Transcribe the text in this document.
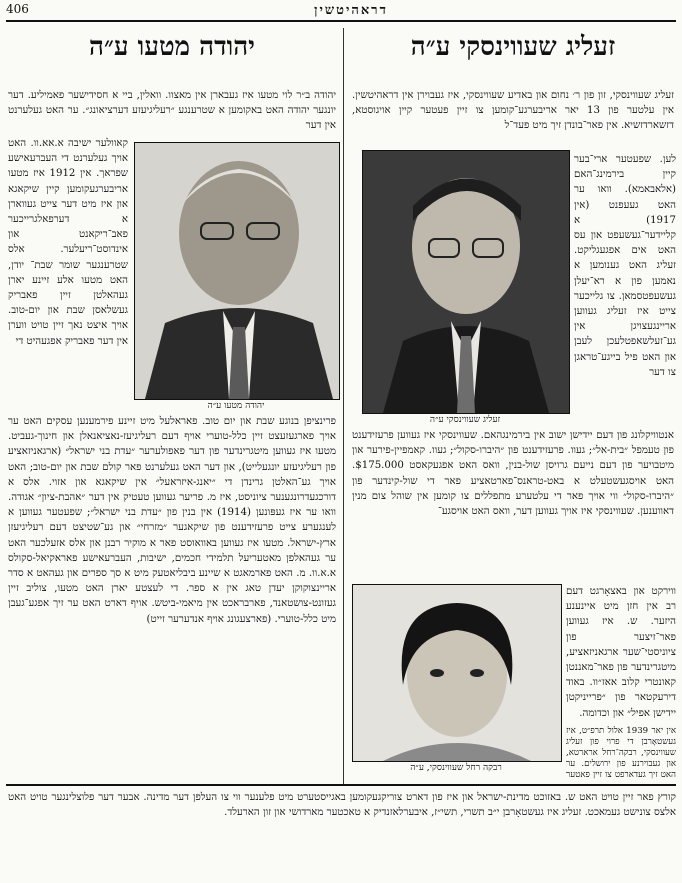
406	דראהיטשין
זעליג שעווינסקי ע״ה
זעליג שעווינסקי, זון פון ר׳ נחום און באדיע שעווינסקי, איז געבוירן אין דראהיטשין. אין עלטער פון 13 יאר אריבערגע־קומען צו זיין פעטער קיין אויגוסטא, דזשארדזשיא. אין פאר־בונדן זיך מיט פעד־ל
זעליג שעווינסקי ע״ה
לען. שפעטער ארי־בער קיין בירמינג־האם (אלאבאמא). וואו ער האט געעפנט (אין 1917) א קליידער־געשעפט און עס האט אים אפגעגליקט. זעליג האט גענומען א נאמען פון א רא־יעלן געשעפטסמאן. צו גלייכער צייט איז זעליג געווען אריינגעצויגן אין גע־זעלשאפטלעכן לעבן און האט פיל בייגע־טראגן צו דער
אנטוויקלונג פון דעם יידישן ישוב אין בירמינגהאם. שעווינסקי איז געווען פרעזידענט פון טעמפל ״בית-אל״; געוו. פרעזידענט פון ״היברו-סקול״; געוו. קאמפיין-פירער און מיטבויער פון דעם נייעם גרויסן שול-בנין, וואס האט אפגעקאסט $175.000. האט אויסגעשטעלט א באט-טראנס־פארטאציע פאר די שול-קינדער פון ״היברו-סקול״ ווי אויך פאר די עלטערע מתפללים צו קומען אין שוהל צום מנין דאווענען. שעווינסקי איז אויך געווען דער, וואס האט אויסגע־
רבקה רחל שעווינסקי, ע״ה
ווירקט און באצאָרגט דעם רב אין חזן מיט איינענע היזער. ש. איז געווען פאר־זיצער פון ציוניסטי־שער ארגאניזאציע, מיטגרינדער פון פאר־מאננטן קאונטרי קלוב אאז״וו. באוד דירעקטאר פון ״פרייניקטן יידישן אפיל״ און וכדומה.
אין יאר 1939 אלול תרפ״ט, איז געשטאָרבן די פרוי פון זעליג שעווינסקי, רבקה־רחל ארארטא, און געבוירנע פון ירושלים. ער האט זיך געדארפט צו זיין פאטער
יהודה מטעו ע״ה
יהודה ב״ר לוי מטעו איז געבארן אין מאצוו. וואלין, ביי א חסידישער פאמיליע. דער יונגער יהודה האט באקומען א שטרענגע ״רעליגיעזע דערציאונג״. ער האט געלערנט אין דער
קאוולער ישיבה א.אא.וו. האט אויך געלערנט די העברעאישע שפראך. אין 1912 איז מטעו אריבערגעקומען קיין שיקאגא און איז מיט דער צייט געווארן א דערפאלגרייכער פאב־ריקאנט און אינדוסט־ריעלער. אלס שטרענגער שומר שבת־ יודן, האט מטעו אלע זיינע יארן געהאלטן זיין פאבריק געשלאסן שבת און יום-טוב. אויך איצט נאך זיין טויט ווערן אין דער פאבריק אפגעהיט די
יהודה מטעו ע״ה
פרינציפן בנוגע שבת און יום טוב. פאראלעל מיט זיינע פירמענען עסקים האט ער אויך פארגעזעצט זיין כלל-טוערי אויף דעם רעליגיעז-נאציאנאלן און חינוך-געביט. מטעו איז געווען מיטגרינדער פון דער פאפולערער ״עדת בני ישראל״ (ארגאניזאציע פון רעליגיעזע יונגעלייט), און דער האט געלערנט פאר קולם שבת און יום-טוב; האט אויך גע־האלטן גרינדן די ״יאנג-איזראעל״ אין שיקאגא און אזוי. אלס א דורכגעדרונגענער ציוניסט, איז מ. פריער געווען טעטיק אין דער ״אהבת-ציון״ אגודה. וואו ער איז געפּונען (1914) אין בנין פון ״עדת בני ישראל״; שפעטער געווען א לענגערע צייט פרעזידענט פון שיקאגער ״מזרחי״ און גע־שטיצט דעם רעליגיעזן ארץ-ישראל. מטעו איז געווען באוואוסט פאר א מוקיר רבנן און אלס אזעלכער האט ער געהאלפן מאטעריעל תלמידי חכמים, ישיבות, העברעאישע פאראקיאל-סקולס א.א.וו. מ. האט פארמאגט א שיינע ביבליאטעק מיט א סך ספרים און געהאט א סדר אריינצוקוקן יעדן טאג אין א ספר. די לעצטע יארן האט מטעו, צוליב זיין געזונט-צושטאנד, פארבראכט אין מיאמי-ביטש. אויף דארט האט ער זיך אפגע־געבן מיט כלל-טוערי. (פארצעגונג אויף אנדערער זייט)
קורץ פאר זיין טויט האט ש. באזוכט מדינת-ישראל און איז פון דארט צוריקגעקומען באגייסטערט מיט פלענער ווי צו העלפן דער מדינה. אבער דער פלוצלינגער טויט האט אלצס צונישט געמאכט. זעליג איז געשטאָרבן י״ב תשרי, תשי״ז, איבערלאזנדיק א טאכטער מארדושי און זון הארעלד.
